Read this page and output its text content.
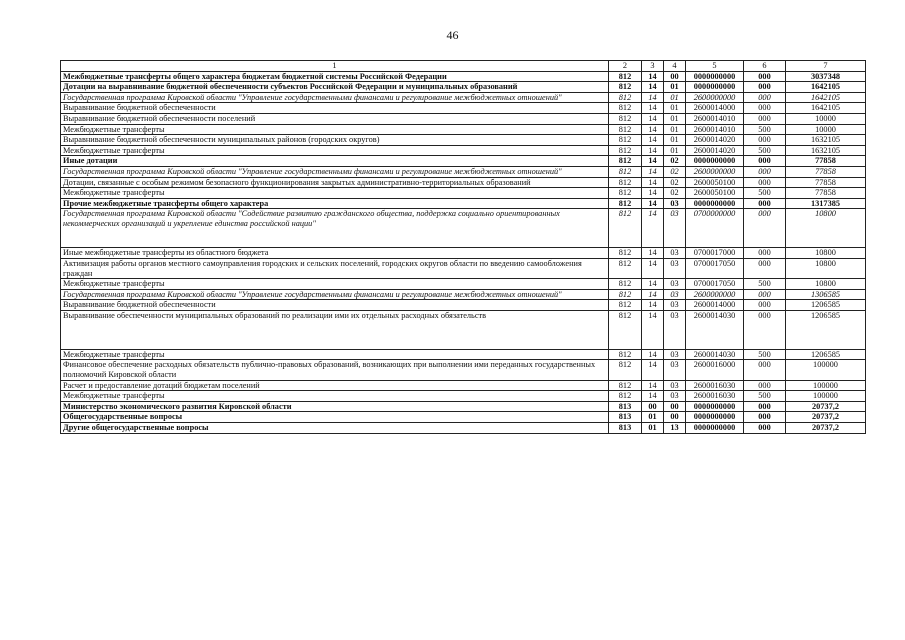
46
1	2	3	4	5	6	7
Межбюджетные трансферты общего характера бюджетам бюджетной системы Российской Федерации	812	14	00	0000000000	000	3037348
Дотации на выравнивание бюджетной обеспеченности субъектов Российской Федерации и муниципальных образований	812	14	01	0000000000	000	1642105
Государственная программа Кировской области "Управление государственными финансами и регулирование межбюджетных отношений"	812	14	01	2600000000	000	1642105
Выравнивание бюджетной обеспеченности	812	14	01	2600014000	000	1642105
Выравнивание бюджетной обеспеченности поселений	812	14	01	2600014010	000	10000
Межбюджетные трансферты	812	14	01	2600014010	500	10000
Выравнивание бюджетной обеспеченности муниципальных районов (городских округов)	812	14	01	2600014020	000	1632105
Межбюджетные трансферты	812	14	01	2600014020	500	1632105
Иные дотации	812	14	02	0000000000	000	77858
Государственная программа Кировской области "Управление государственными финансами и регулирование межбюджетных отношений"	812	14	02	2600000000	000	77858
Дотации, связанные с особым режимом безопасного функционирования закрытых административно-территориальных образований	812	14	02	2600050100	000	77858
Межбюджетные трансферты	812	14	02	2600050100	500	77858
Прочие межбюджетные трансферты общего характера	812	14	03	0000000000	000	1317385
Государственная программа Кировской области "Содействие развитию гражданского общества, поддержка социально ориентированных некоммерческих организаций и укрепление единства российской нации"	812	14	03	0700000000	000	10800
Иные межбюджетные трансферты из областного бюджета	812	14	03	0700017000	000	10800
Активизация работы органов местного самоуправления городских и сельских поселений, городских округов области по введению самообложения граждан	812	14	03	0700017050	000	10800
Межбюджетные трансферты	812	14	03	0700017050	500	10800
Государственная программа Кировской области "Управление государственными финансами и регулирование межбюджетных отношений"	812	14	03	2600000000	000	1306585
Выравнивание бюджетной обеспеченности	812	14	03	2600014000	000	1206585
Выравнивание обеспеченности муниципальных образований по реализации ими их отдельных расходных обязательств	812	14	03	2600014030	000	1206585
Межбюджетные трансферты	812	14	03	2600014030	500	1206585
Финансовое обеспечение расходных обязательств публично-правовых образований, возникающих при выполнении ими переданных государственных полномочий Кировской области	812	14	03	2600016000	000	100000
Расчет и предоставление дотаций бюджетам поселений	812	14	03	2600016030	000	100000
Межбюджетные трансферты	812	14	03	2600016030	500	100000
Министерство экономического развития Кировской области	813	00	00	0000000000	000	20737,2
Общегосударственные вопросы	813	01	00	0000000000	000	20737,2
Другие общегосударственные вопросы	813	01	13	0000000000	000	20737,2
